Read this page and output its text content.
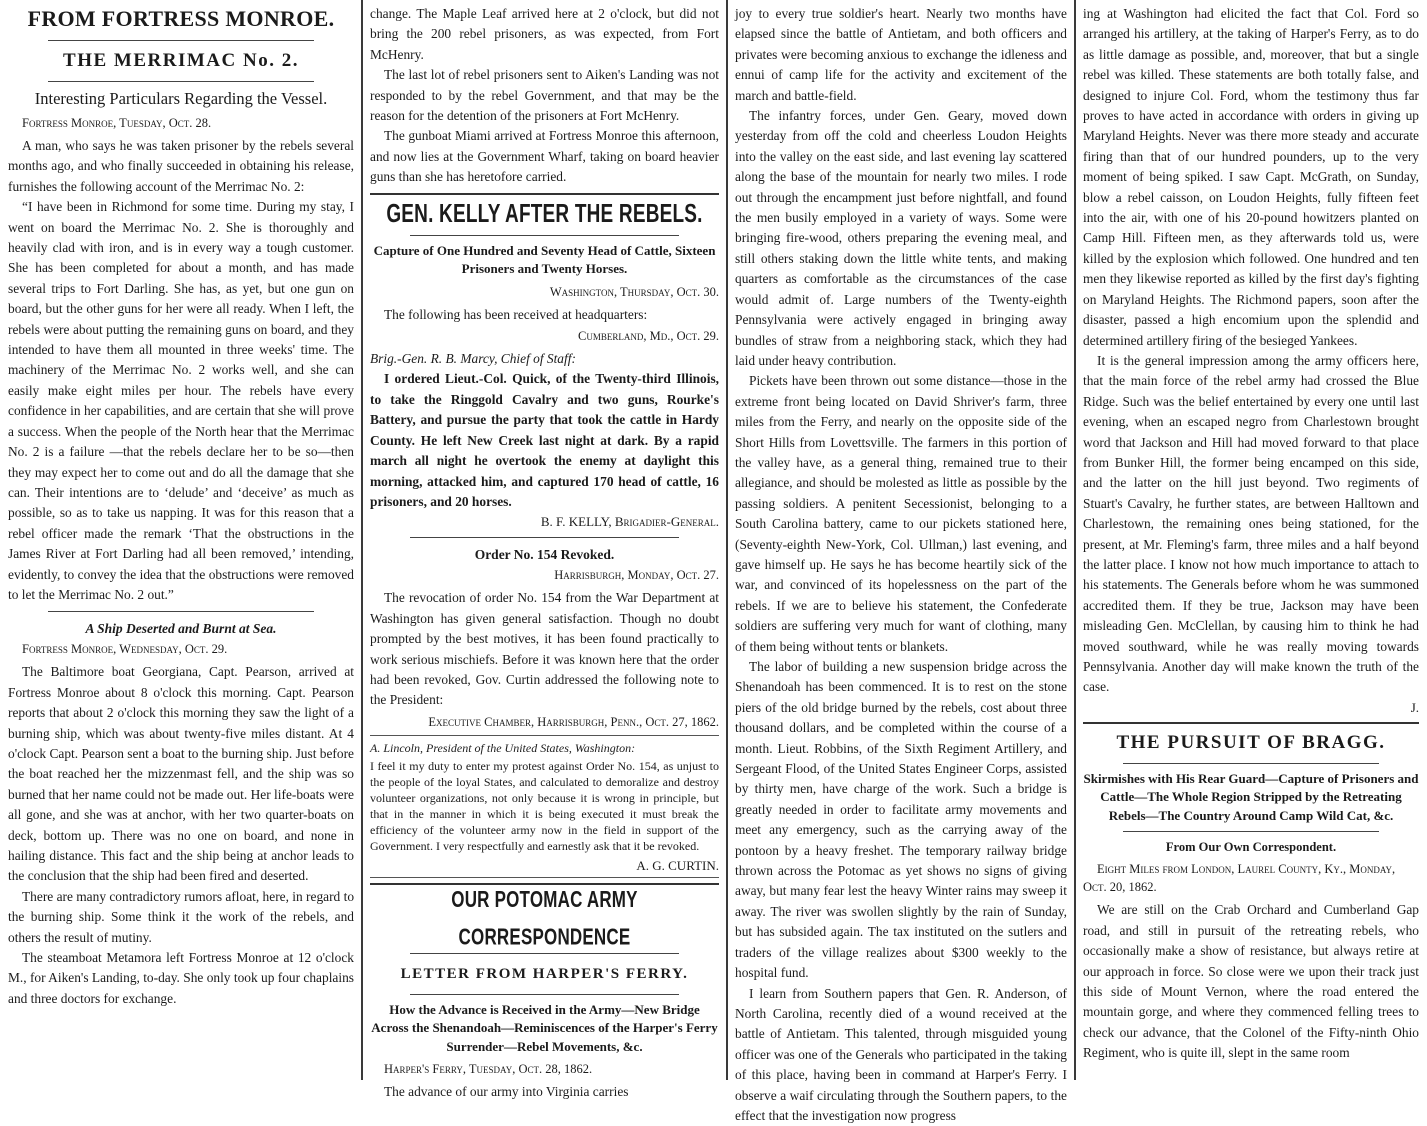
FROM FORTRESS MONROE.
THE MERRIMAC No. 2.
Interesting Particulars Regarding the Vessel.
Fortress Monroe, Tuesday, Oct. 28.

A man, who says he was taken prisoner by the rebels several months ago, and who finally succeeded in obtaining his release, furnishes the following account of the Merrimac No. 2:

“I have been in Richmond for some time. During my stay, I went on board the Merrimac No. 2. She is thoroughly and heavily clad with iron, and is in every way a tough customer. She has been completed for about a month, and has made several trips to Fort Darling. She has, as yet, but one gun on board, but the other guns for her were all ready. When I left, the rebels were about putting the remaining guns on board, and they intended to have them all mounted in three weeks' time. The machinery of the Merrimac No. 2 works well, and she can easily make eight miles per hour. The rebels have every confidence in her capabilities, and are certain that she will prove a success. When the people of the North hear that the Merrimac No. 2 is a failure —that the rebels declare her to be so—then they may expect her to come out and do all the damage that she can. Their intentions are to ‘delude’ and ‘deceive’ as much as possible, so as to take us napping. It was for this reason that a rebel officer made the remark ‘That the obstructions in the James River at Fort Darling had all been removed,’ intending, evidently, to convey the idea that the obstructions were removed to let the Merrimac No. 2 out.”

A Ship Deserted and Burnt at Sea.
Fortress Monroe, Wednesday, Oct. 29.

The Baltimore boat Georgiana, Capt. Pearson, arrived at Fortress Monroe about 8 o'clock this morning. Capt. Pearson reports that about 2 o'clock this morning they saw the light of a burning ship, which was about twenty-five miles distant. At 4 o'clock Capt. Pearson sent a boat to the burning ship. Just before the boat reached her the mizzenmast fell, and the ship was so burned that her name could not be made out. Her life-boats were all gone, and she was at anchor, with her two quarter-boats on deck, bottom up. There was no one on board, and none in hailing distance. This fact and the ship being at anchor leads to the conclusion that the ship had been fired and deserted.

There are many contradictory rumors afloat, here, in regard to the burning ship. Some think it the work of the rebels, and others the result of mutiny.

The steamboat Metamora left Fortress Monroe at 12 o'clock M., for Aiken's Landing, to-day. She only took up four chaplains and three doctors for exchange.

change. The Maple Leaf arrived here at 2 o'clock, but did not bring the 200 rebel prisoners, as was expected, from Fort McHenry.

The last lot of rebel prisoners sent to Aiken's Landing was not responded to by the rebel Government, and that may be the reason for the detention of the prisoners at Fort McHenry.

The gunboat Miami arrived at Fortress Monroe this afternoon, and now lies at the Government Wharf, taking on board heavier guns than she has heretofore carried.

GEN. KELLY AFTER THE REBELS.
Capture of One Hundred and Seventy Head of Cattle, Sixteen Prisoners and Twenty Horses.
Washington, Thursday, Oct. 30.

The following has been received at headquarters:

Cumberland, Md., Oct. 29.

Brig.-Gen. R. B. Marcy, Chief of Staff:

I ordered Lieut.-Col. Quick, of the Twenty-third Illinois, to take the Ringgold Cavalry and two guns, Rourke's Battery, and pursue the party that took the cattle in Hardy County. He left New Creek last night at dark. By a rapid march all night he overtook the enemy at daylight this morning, attacked him, and captured 170 head of cattle, 16 prisoners, and 20 horses.

B. F. KELLY, Brigadier-General.
Order No. 154 Revoked.
Harrisburgh, Monday, Oct. 27.

The revocation of order No. 154 from the War Department at Washington has given general satisfaction. Though no doubt prompted by the best motives, it has been found practically to work serious mischiefs. Before it was known here that the order had been revoked, Gov. Curtin addressed the following note to the President:

Executive Chamber, Harrisburgh, Penn., Oct. 27, 1862.

A. Lincoln, President of the United States, Washington:

I feel it my duty to enter my protest against Order No. 154, as unjust to the people of the loyal States, and calculated to demoralize and destroy volunteer organizations, not only because it is wrong in principle, but that in the manner in which it is being executed it must break the efficiency of the volunteer army now in the field in support of the Government. I very respectfully and earnestly ask that it be revoked.

A. G. CURTIN.
OUR POTOMAC ARMY CORRESPONDENCE
LETTER FROM HARPER'S FERRY.
How the Advance is Received in the Army—New Bridge Across the Shenandoah—Reminiscences of the Harper's Ferry Surrender—Rebel Movements, &c.
Harper's Ferry, Tuesday, Oct. 28, 1862.

The advance of our army into Virginia carries

joy to every true soldier's heart. Nearly two months have elapsed since the battle of Antietam, and both officers and privates were becoming anxious to exchange the idleness and ennui of camp life for the activity and excitement of the march and battle-field.

The infantry forces, under Gen. Geary, moved down yesterday from off the cold and cheerless Loudon Heights into the valley on the east side, and last evening lay scattered along the base of the mountain for nearly two miles. I rode out through the encampment just before nightfall, and found the men busily employed in a variety of ways. Some were bringing fire-wood, others preparing the evening meal, and still others staking down the little white tents, and making quarters as comfortable as the circumstances of the case would admit of. Large numbers of the Twenty-eighth Pennsylvania were actively engaged in bringing away bundles of straw from a neighboring stack, which they had laid under heavy contribution.

Pickets have been thrown out some distance—those in the extreme front being located on David Shriver's farm, three miles from the Ferry, and nearly on the opposite side of the Short Hills from Lovettsville. The farmers in this portion of the valley have, as a general thing, remained true to their allegiance, and should be molested as little as possible by the passing soldiers. A penitent Secessionist, belonging to a South Carolina battery, came to our pickets stationed here, (Seventy-eighth New-York, Col. Ullman,) last evening, and gave himself up. He says he has become heartily sick of the war, and convinced of its hopelessness on the part of the rebels. If we are to believe his statement, the Confederate soldiers are suffering very much for want of clothing, many of them being without tents or blankets.

The labor of building a new suspension bridge across the Shenandoah has been commenced. It is to rest on the stone piers of the old bridge burned by the rebels, cost about three thousand dollars, and be completed within the course of a month. Lieut. Robbins, of the Sixth Regiment Artillery, and Sergeant Flood, of the United States Engineer Corps, assisted by thirty men, have charge of the work. Such a bridge is greatly needed in order to facilitate army movements and meet any emergency, such as the carrying away of the pontoon by a heavy freshet. The temporary railway bridge thrown across the Potomac as yet shows no signs of giving away, but many fear lest the heavy Winter rains may sweep it away. The river was swollen slightly by the rain of Sunday, but has subsided again. The tax instituted on the sutlers and traders of the village realizes about $300 weekly to the hospital fund.

I learn from Southern papers that Gen. R. Anderson, of North Carolina, recently died of a wound received at the battle of Antietam. This talented, through misguided young officer was one of the Generals who participated in the taking of this place, having been in command at Harper's Ferry. I observe a waif circulating through the Southern papers, to the effect that the investigation now progress

ing at Washington had elicited the fact that Col. Ford so arranged his artillery, at the taking of Harper's Ferry, as to do as little damage as possible, and, moreover, that but a single rebel was killed. These statements are both totally false, and designed to injure Col. Ford, whom the testimony thus far proves to have acted in accordance with orders in giving up Maryland Heights. Never was there more steady and accurate firing than that of our hundred pounders, up to the very moment of being spiked. I saw Capt. McGrath, on Sunday, blow a rebel caisson, on Loudon Heights, fully fifteen feet into the air, with one of his 20-pound howitzers planted on Camp Hill. Fifteen men, as they afterwards told us, were killed by the explosion which followed. One hundred and ten men they likewise reported as killed by the first day's fighting on Maryland Heights. The Richmond papers, soon after the disaster, passed a high encomium upon the splendid and determined artillery firing of the besieged Yankees.

It is the general impression among the army officers here, that the main force of the rebel army had crossed the Blue Ridge. Such was the belief entertained by every one until last evening, when an escaped negro from Charlestown brought word that Jackson and Hill had moved forward to that place from Bunker Hill, the former being encamped on this side, and the latter on the hill just beyond. Two regiments of Stuart's Cavalry, he further states, are between Halltown and Charlestown, the remaining ones being stationed, for the present, at Mr. Fleming's farm, three miles and a half beyond the latter place. I know not how much importance to attach to his statements. The Generals before whom he was summoned accredited them. If they be true, Jackson may have been misleading Gen. McClellan, by causing him to think he had moved southward, while he was really moving towards Pennsylvania. Another day will make known the truth of the case.

J.
THE PURSUIT OF BRAGG.
Skirmishes with His Rear Guard—Capture of Prisoners and Cattle—The Whole Region Stripped by the Retreating Rebels—The Country Around Camp Wild Cat, &c.
From Our Own Correspondent.
Eight Miles from London, Laurel County, Ky., Monday, Oct. 20, 1862.

We are still on the Crab Orchard and Cumberland Gap road, and still in pursuit of the retreating rebels, who occasionally make a show of resistance, but always retire at our approach in force. So close were we upon their track just this side of Mount Vernon, where the road entered the mountain gorge, and where they commenced felling trees to check our advance, that the Colonel of the Fifty-ninth Ohio Regiment, who is quite ill, slept in the same room
